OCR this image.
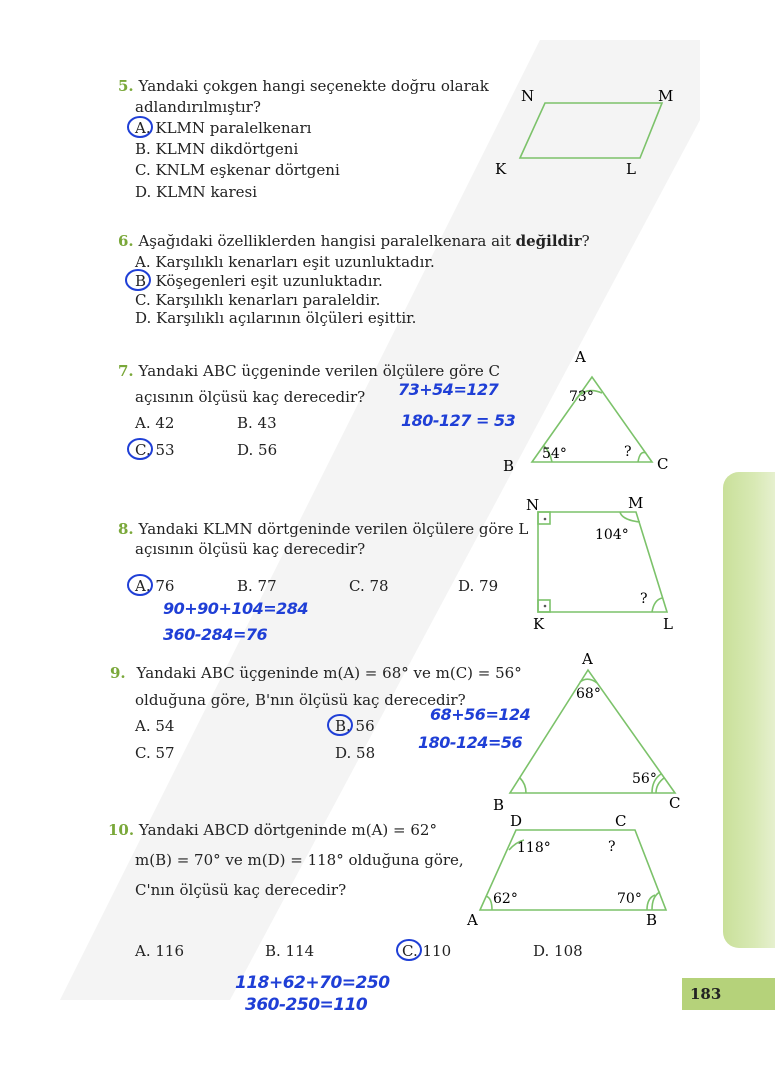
183
5. Yandaki çokgen hangi seçenekte doğru olarak
adlandırılmıştır?
A. KLMN paralelkenarı
B. KLMN dikdörtgeni
C. KNLM eşkenar dörtgeni
D. KLMN karesi
6. Aşağıdaki özelliklerden hangisi paralelkenara ait değildir?
A. Karşılıklı kenarları eşit uzunluktadır.
B. Köşegenleri eşit uzunluktadır.
C. Karşılıklı kenarları paraleldir.
D. Karşılıklı açılarının ölçüleri eşittir.
7. Yandaki ABC üçgeninde verilen ölçülere göre C
açısının ölçüsü kaç derecedir?
A. 42	B. 43
C. 53	D. 56
73+54=127
180-127 = 53
8. Yandaki KLMN dörtgeninde verilen ölçülere göre L
açısının ölçüsü kaç derecedir?
A. 76	B. 77	C. 78	D. 79
90+90+104=284
360-284=76
9. Yandaki ABC üçgeninde m(A) = 68° ve m(C) = 56°
olduğuna göre, B'nın ölçüsü kaç derecedir?
A. 54	B. 56
C. 57	D. 58
68+56=124
180-124=56
10. Yandaki ABCD dörtgeninde m(A) = 62°
m(B) = 70° ve m(D) = 118° olduğuna göre,
C'nın ölçüsü kaç derecedir?
A. 116	B. 114	C. 110	D. 108
118+62+70=250
360-250=110
N	M
K	L
A
B	C
73°
54°	?
N	M
K	L
104°
?
A
B	C
68°
56°
D	C
A	B
118°	?
62°	70°
